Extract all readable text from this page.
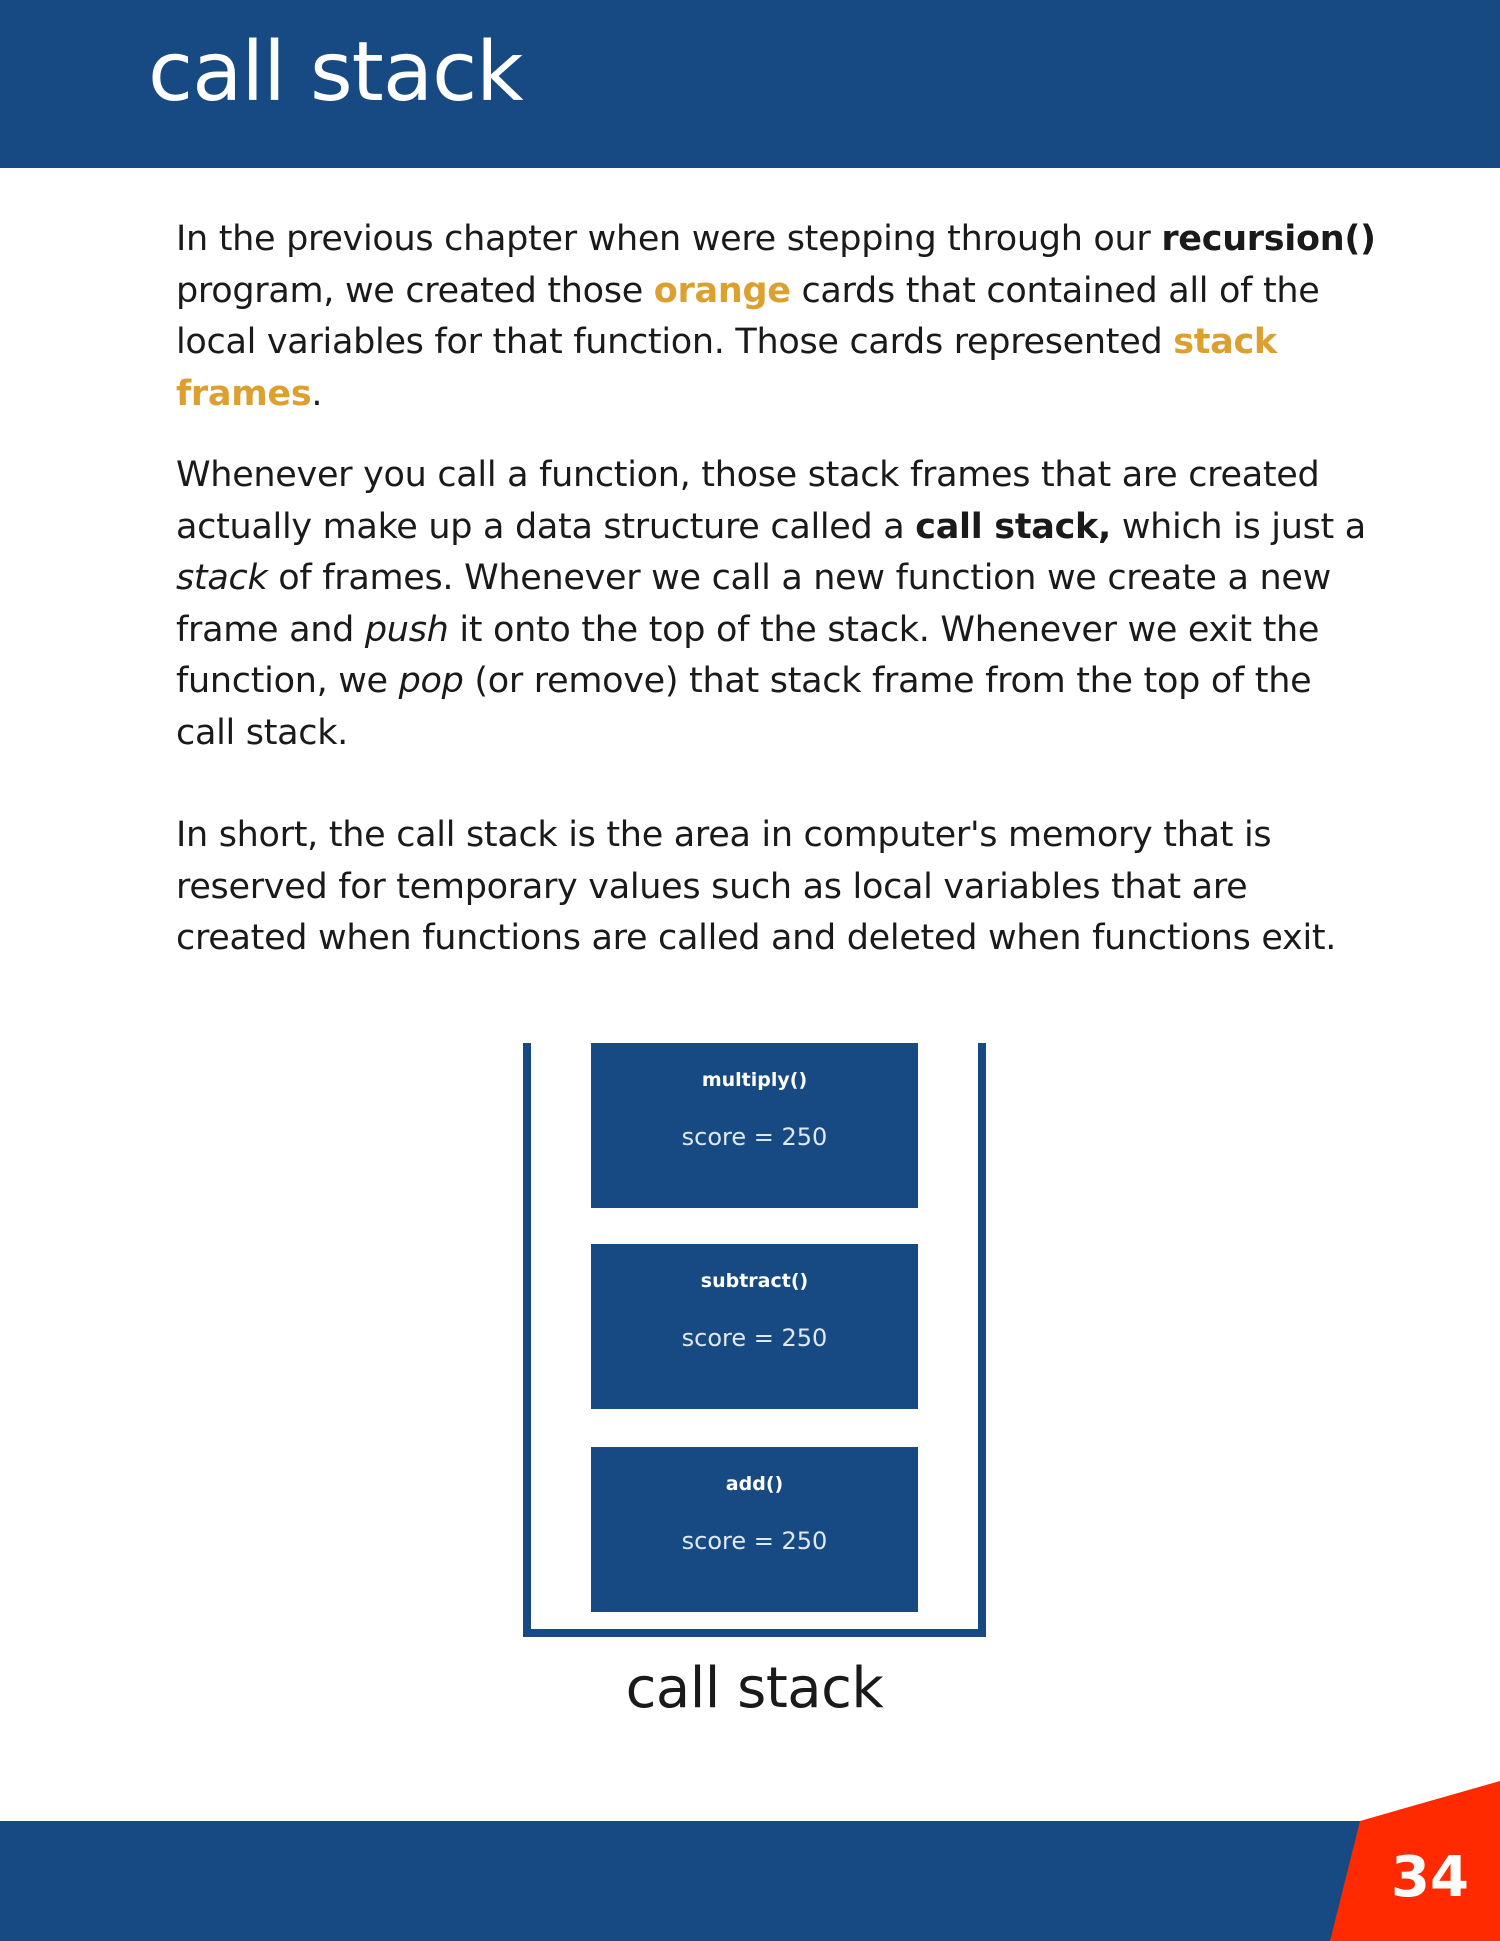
call stack

In the previous chapter when were stepping through our recursion() program, we created those orange cards that contained all of the local variables for that function. Those cards represented stack frames.

Whenever you call a function, those stack frames that are created actually make up a data structure called a call stack, which is just a stack of frames. Whenever we call a new function we create a new frame and push it onto the top of the stack. Whenever we exit the function, we pop (or remove) that stack frame from the top of the call stack.

In short, the call stack is the area in computer's memory that is reserved for temporary values such as local variables that are created when functions are called and deleted when functions exit.

multiply()
score = 250
subtract()
score = 250
add()
score = 250
call stack
34
